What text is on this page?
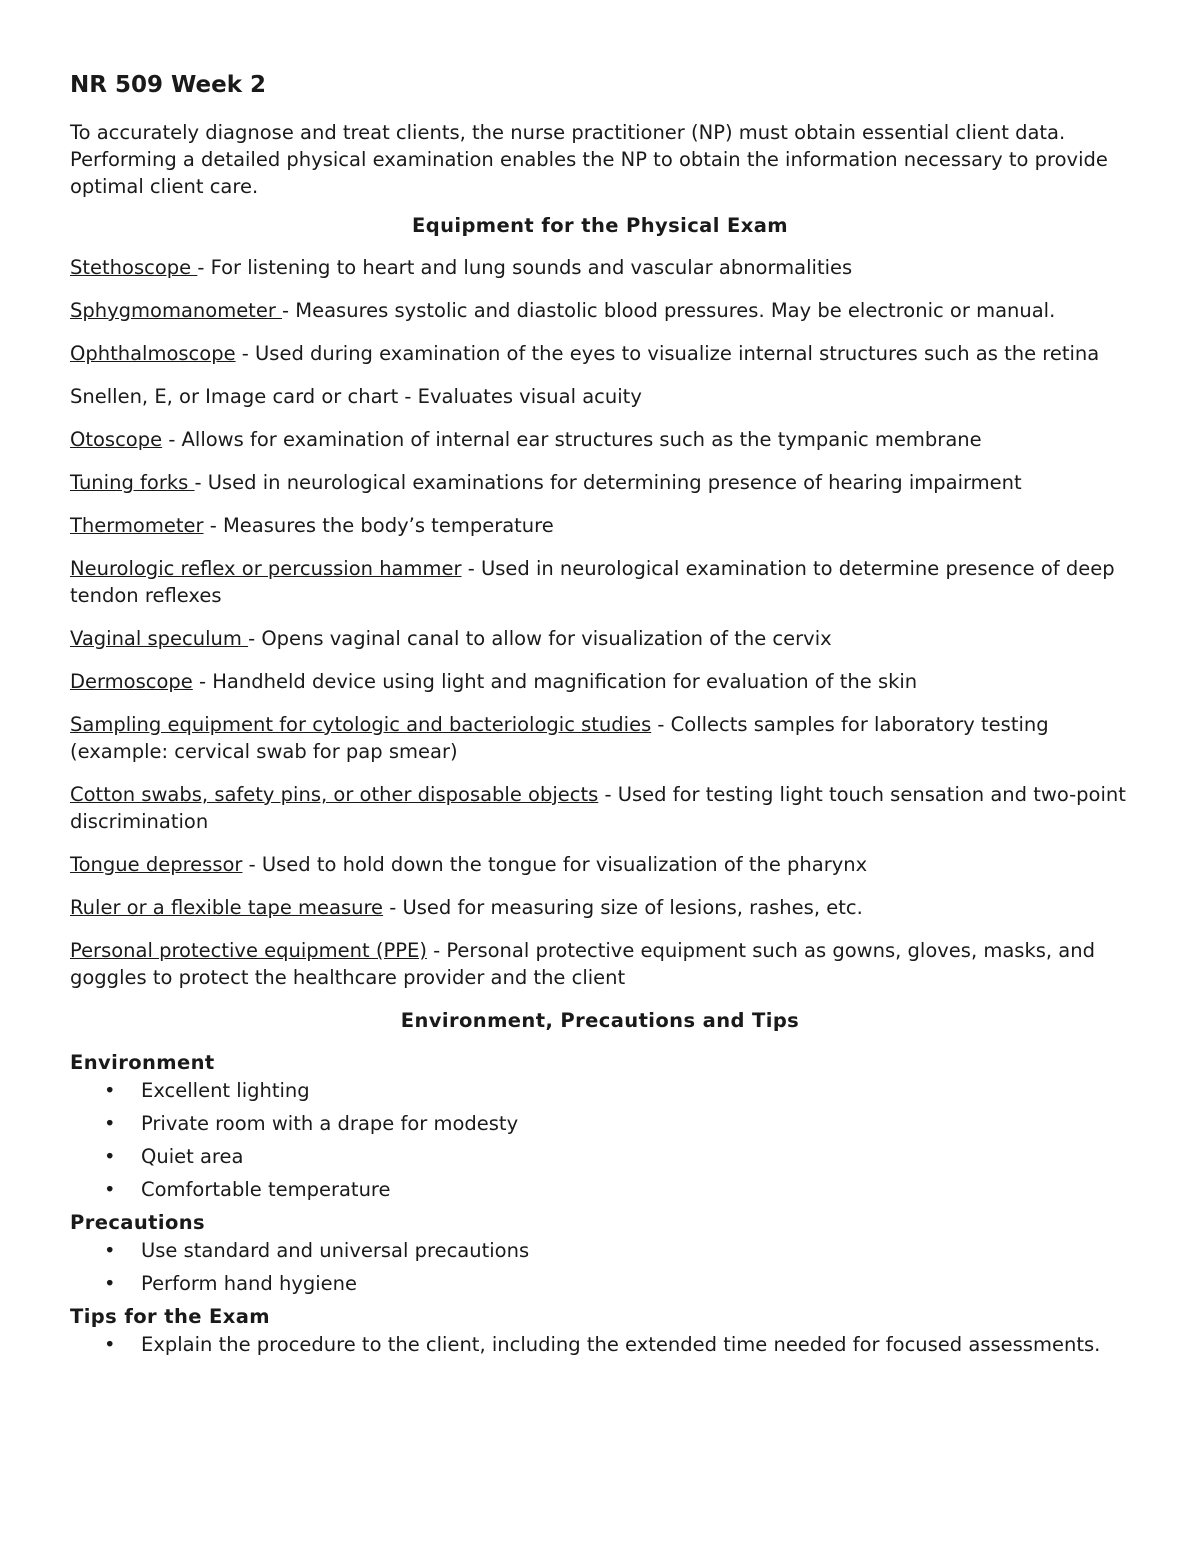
NR 509 Week 2

To accurately diagnose and treat clients, the nurse practitioner (NP) must obtain essential client data. Performing a detailed physical examination enables the NP to obtain the information necessary to provide optimal client care.

Equipment for the Physical Exam

Stethoscope - For listening to heart and lung sounds and vascular abnormalities

Sphygmomanometer - Measures systolic and diastolic blood pressures. May be electronic or manual.

Ophthalmoscope - Used during examination of the eyes to visualize internal structures such as the retina

Snellen, E, or Image card or chart - Evaluates visual acuity

Otoscope - Allows for examination of internal ear structures such as the tympanic membrane

Tuning forks - Used in neurological examinations for determining presence of hearing impairment

Thermometer - Measures the body’s temperature

Neurologic reflex or percussion hammer - Used in neurological examination to determine presence of deep tendon reflexes

Vaginal speculum - Opens vaginal canal to allow for visualization of the cervix

Dermoscope - Handheld device using light and magnification for evaluation of the skin

Sampling equipment for cytologic and bacteriologic studies - Collects samples for laboratory testing (example: cervical swab for pap smear)

Cotton swabs, safety pins, or other disposable objects - Used for testing light touch sensation and two-point discrimination

Tongue depressor - Used to hold down the tongue for visualization of the pharynx

Ruler or a flexible tape measure - Used for measuring size of lesions, rashes, etc.

Personal protective equipment (PPE) - Personal protective equipment such as gowns, gloves, masks, and goggles to protect the healthcare provider and the client

Environment, Precautions and Tips
Environment
• Excellent lighting
• Private room with a drape for modesty
• Quiet area
• Comfortable temperature
Precautions
• Use standard and universal precautions
• Perform hand hygiene
Tips for the Exam
• Explain the procedure to the client, including the extended time needed for focused assessments.
